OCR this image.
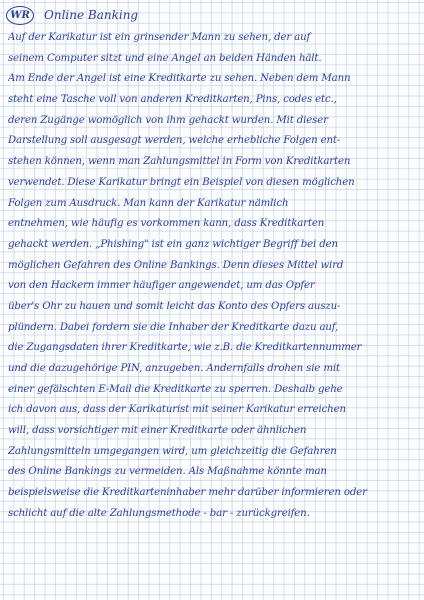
WR	Online Banking
Auf der Karikatur ist ein grinsender Mann zu sehen, der auf
seinem Computer sitzt und eine Angel an beiden Händen hält.
Am Ende der Angel ist eine Kreditkarte zu sehen. Neben dem Mann
steht eine Tasche voll von anderen Kreditkarten, Pins, codes etc.,
deren Zugänge womöglich von ihm gehackt wurden. Mit dieser
Darstellung soll ausgesagt werden, welche erhebliche Folgen ent-
stehen können, wenn man Zahlungsmittel in Form von Kreditkarten
verwendet. Diese Karikatur bringt ein Beispiel von diesen möglichen
Folgen zum Ausdruck. Man kann der Karikatur nämlich
entnehmen, wie häufig es vorkommen kann, dass Kreditkarten
gehackt werden. „Phishing" ist ein ganz wichtiger Begriff bei den
möglichen Gefahren des Online Bankings. Denn dieses Mittel wird
von den Hackern immer häufiger angewendet, um das Opfer
über's Ohr zu hauen und somit leicht das Konto des Opfers auszu-
plündern. Dabei fordern sie die Inhaber der Kreditkarte dazu auf,
die Zugangsdaten ihrer Kreditkarte, wie z.B. die Kreditkartennummer
und die dazugehörige PIN, anzugeben. Andernfalls drohen sie mit
einer gefälschten E-Mail die Kreditkarte zu sperren. Deshalb gehe
ich davon aus, dass der Karikaturist mit seiner Karikatur erreichen
will, dass vorsichtiger mit einer Kreditkarte oder ähnlichen
Zahlungsmitteln umgegangen wird, um gleichzeitig die Gefahren
des Online Bankings zu vermeiden. Als Maßnahme könnte man
beispielsweise die Kreditkarteninhaber mehr darüber informieren oder
schlicht auf die alte Zahlungsmethode - bar - zurückgreifen.
